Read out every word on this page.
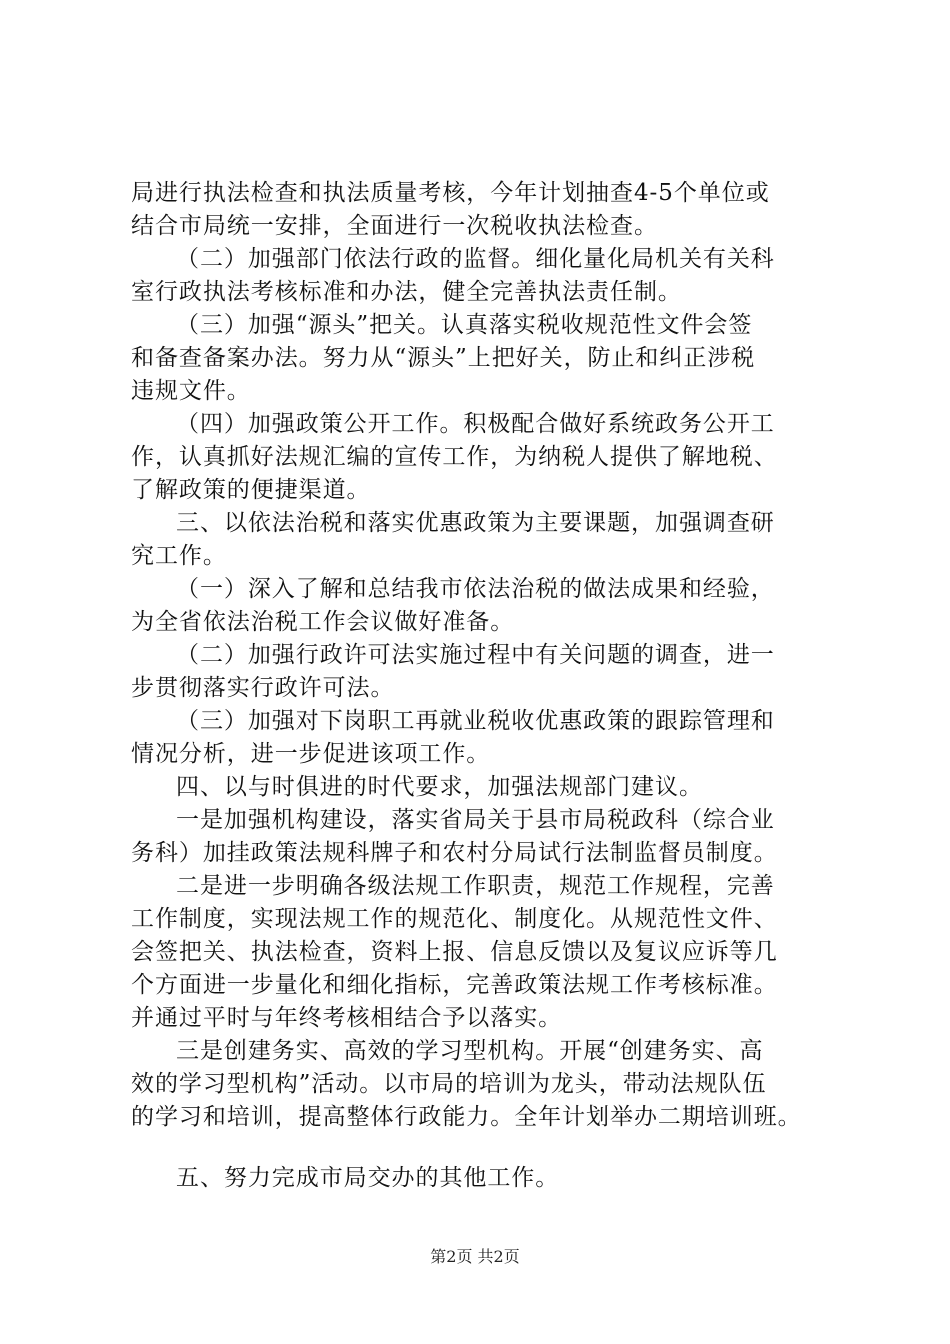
局进行执法检查和执法质量考核，今年计划抽查4-5个单位或
结合市局统一安排，全面进行一次税收执法检查。
（二）加强部门依法行政的监督。细化量化局机关有关科
室行政执法考核标准和办法，健全完善执法责任制。
（三）加强“源头”把关。认真落实税收规范性文件会签
和备查备案办法。努力从“源头”上把好关，防止和纠正涉税
违规文件。
（四）加强政策公开工作。积极配合做好系统政务公开工
作，认真抓好法规汇编的宣传工作，为纳税人提供了解地税、
了解政策的便捷渠道。
三、以依法治税和落实优惠政策为主要课题，加强调查研
究工作。
（一）深入了解和总结我市依法治税的做法成果和经验，
为全省依法治税工作会议做好准备。
（二）加强行政许可法实施过程中有关问题的调查，进一
步贯彻落实行政许可法。
（三）加强对下岗职工再就业税收优惠政策的跟踪管理和
情况分析，进一步促进该项工作。
四、以与时俱进的时代要求，加强法规部门建议。
一是加强机构建设，落实省局关于县市局税政科（综合业
务科）加挂政策法规科牌子和农村分局试行法制监督员制度。
二是进一步明确各级法规工作职责，规范工作规程，完善
工作制度，实现法规工作的规范化、制度化。从规范性文件、
会签把关、执法检查，资料上报、信息反馈以及复议应诉等几
个方面进一步量化和细化指标，完善政策法规工作考核标准。
并通过平时与年终考核相结合予以落实。
三是创建务实、高效的学习型机构。开展“创建务实、高
效的学习型机构”活动。以市局的培训为龙头，带动法规队伍
的学习和培训，提高整体行政能力。全年计划举办二期培训班。
五、努力完成市局交办的其他工作。
第2页 共2页
